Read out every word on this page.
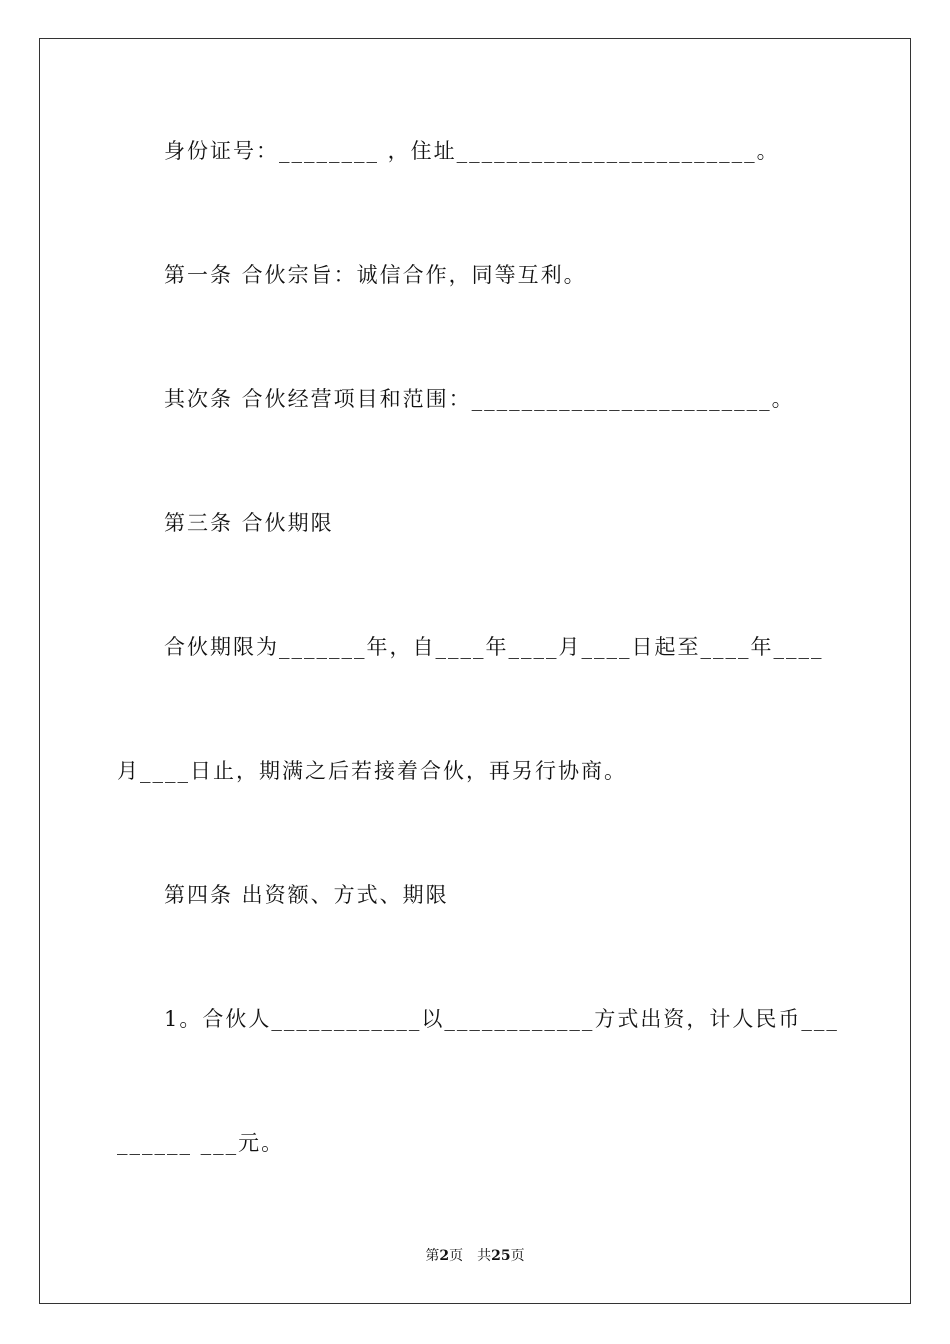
身份证号：________ ，住址________________________。
第一条 合伙宗旨：诚信合作，同等互利。
其次条 合伙经营项目和范围：________________________。
第三条 合伙期限
合伙期限为_______年，自____年____月____日起至____年____
月____日止，期满之后若接着合伙，再另行协商。
第四条 出资额、方式、期限
1。合伙人____________以____________方式出资，计人民币___
______ ___元。
第2页 共25页
